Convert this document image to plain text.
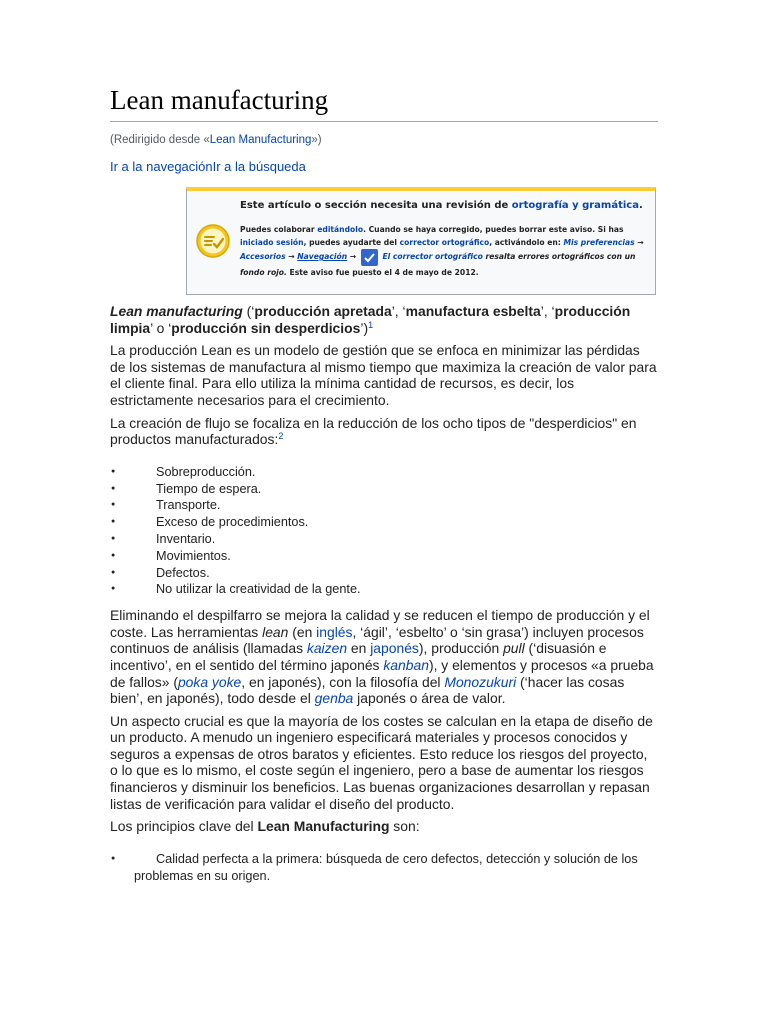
Lean manufacturing
(Redirigido desde «Lean Manufacturing»)
Ir a la navegaciónIr a la búsqueda
Este artículo o sección necesita una revisión de ortografía y gramática.
Puedes colaborar editándolo. Cuando se haya corregido, puedes borrar este aviso. Si has iniciado sesión, puedes ayudarte del corrector ortográfico, activándolo en: Mis preferencias → Accesorios → Navegación →	El corrector ortográfico resalta errores ortográficos con un fondo rojo. Este aviso fue puesto el 4 de mayo de 2012.

Lean manufacturing (‘producción apretada’, ‘manufactura esbelta’, ‘producción limpia’ o ‘producción sin desperdicios’)$^1$

La producción Lean es un modelo de gestión que se enfoca en minimizar las pérdidas de los sistemas de manufactura al mismo tiempo que maximiza la creación de valor para el cliente final. Para ello utiliza la mínima cantidad de recursos, es decir, los estrictamente necesarios para el crecimiento.

La creación de flujo se focaliza en la reducción de los ocho tipos de "desperdicios" en productos manufacturados:$^2$

● Sobreproducción.
● Tiempo de espera.
● Transporte.
● Exceso de procedimientos.
● Inventario.
● Movimientos.
● Defectos.
● No utilizar la creatividad de la gente.

Eliminando el despilfarro se mejora la calidad y se reducen el tiempo de producción y el coste. Las herramientas lean (en inglés, ‘ágil’, ‘esbelto’ o ‘sin grasa’) incluyen procesos continuos de análisis (llamadas kaizen en japonés), producción pull (‘disuasión e incentivo’, en el sentido del término japonés kanban), y elementos y procesos «a prueba de fallos» (poka yoke, en japonés), con la filosofía del Monozukuri (‘hacer las cosas bien’, en japonés), todo desde el genba japonés o área de valor.

Un aspecto crucial es que la mayoría de los costes se calculan en la etapa de diseño de un producto. A menudo un ingeniero especificará materiales y procesos conocidos y seguros a expensas de otros baratos y eficientes. Esto reduce los riesgos del proyecto, o lo que es lo mismo, el coste según el ingeniero, pero a base de aumentar los riesgos financieros y disminuir los beneficios. Las buenas organizaciones desarrollan y repasan listas de verificación para validar el diseño del producto.

Los principios clave del Lean Manufacturing son:

● Calidad perfecta a la primera: búsqueda de cero defectos, detección y solución de los problemas en su origen.
